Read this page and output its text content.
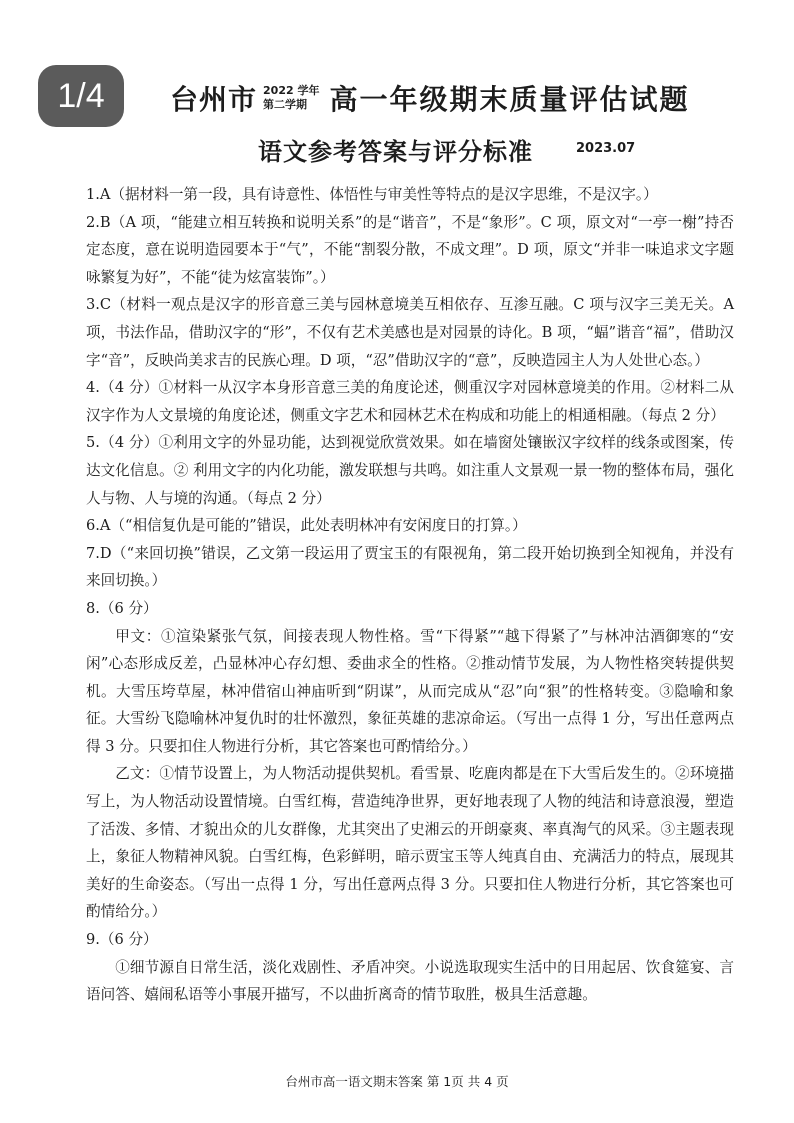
1/4	台州市 2022 学年
第二学期 高一年级期末质量评估试题
语文参考答案与评分标准	2023.07

1.A（据材料一第一段，具有诗意性、体悟性与审美性等特点的是汉字思维，不是汉字。）

2.B（A 项，“能建立相互转换和说明关系”的是“谐音”，不是“象形”。C 项，原文对“一亭一榭”持否定态度，意在说明造园要本于“气”，不能“割裂分散，不成文理”。D 项，原文“并非一味追求文字题咏繁复为好”，不能“徒为炫富装饰”。）

3.C（材料一观点是汉字的形音意三美与园林意境美互相依存、互渗互融。C 项与汉字三美无关。A 项，书法作品，借助汉字的“形”，不仅有艺术美感也是对园景的诗化。B 项，“蝠”谐音“福”，借助汉字“音”，反映尚美求吉的民族心理。D 项，“忍”借助汉字的“意”，反映造园主人为人处世心态。）

4.（4 分）①材料一从汉字本身形音意三美的角度论述，侧重汉字对园林意境美的作用。②材料二从汉字作为人文景境的角度论述，侧重文字艺术和园林艺术在构成和功能上的相通相融。（每点 2 分）

5.（4 分）①利用文字的外显功能，达到视觉欣赏效果。如在墙窗处镶嵌汉字纹样的线条或图案，传达文化信息。② 利用文字的内化功能，激发联想与共鸣。如注重人文景观一景一物的整体布局，强化人与物、人与境的沟通。（每点 2 分）

6.A（“相信复仇是可能的”错误，此处表明林冲有安闲度日的打算。）

7.D（“来回切换”错误，乙文第一段运用了贾宝玉的有限视角，第二段开始切换到全知视角，并没有来回切换。）

8.（6 分）

甲文：①渲染紧张气氛，间接表现人物性格。雪“下得紧”“越下得紧了”与林冲沽酒御寒的“安闲”心态形成反差，凸显林冲心存幻想、委曲求全的性格。②推动情节发展，为人物性格突转提供契机。大雪压垮草屋，林冲借宿山神庙听到“阴谋”，从而完成从“忍”向“狠”的性格转变。③隐喻和象征。大雪纷飞隐喻林冲复仇时的壮怀激烈，象征英雄的悲凉命运。（写出一点得 1 分，写出任意两点得 3 分。只要扣住人物进行分析，其它答案也可酌情给分。）

乙文：①情节设置上，为人物活动提供契机。看雪景、吃鹿肉都是在下大雪后发生的。②环境描写上，为人物活动设置情境。白雪红梅，营造纯净世界，更好地表现了人物的纯洁和诗意浪漫，塑造了活泼、多情、才貌出众的儿女群像，尤其突出了史湘云的开朗豪爽、率真淘气的风采。③主题表现上，象征人物精神风貌。白雪红梅，色彩鲜明，暗示贾宝玉等人纯真自由、充满活力的特点，展现其美好的生命姿态。（写出一点得 1 分，写出任意两点得 3 分。只要扣住人物进行分析，其它答案也可酌情给分。）

9.（6 分）

①细节源自日常生活，淡化戏剧性、矛盾冲突。小说选取现实生活中的日用起居、饮食筵宴、言语问答、嬉闹私语等小事展开描写，不以曲折离奇的情节取胜，极具生活意趣。

台州市高一语文期末答案 第 1页 共 4 页
